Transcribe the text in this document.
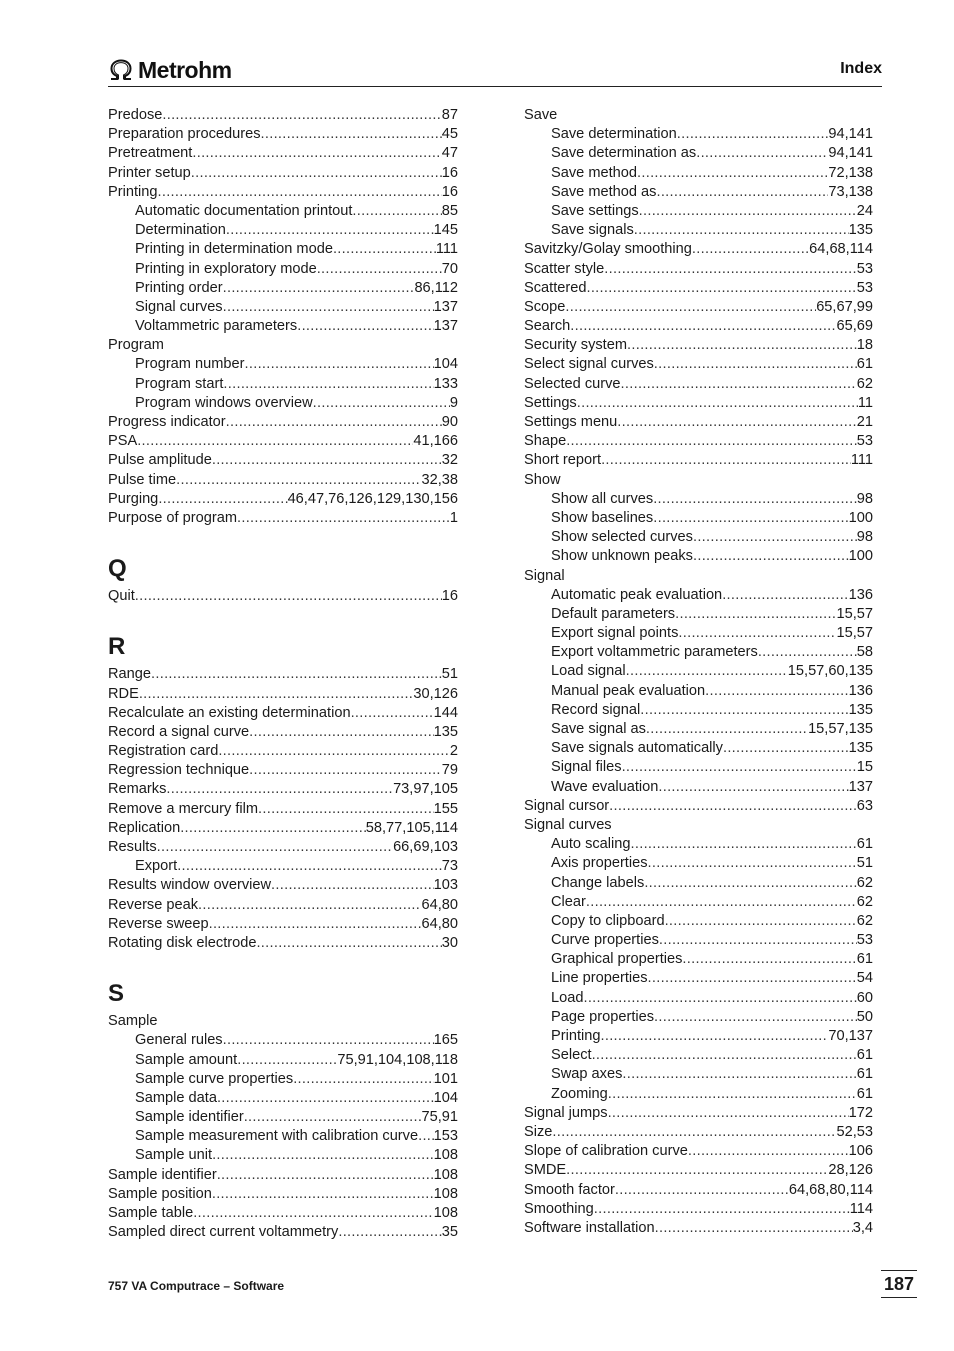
Metrohm	Index
Predose .....	87
Preparation procedures .....	45
Pretreatment .....	47
Printer setup .....	16
Printing .....	16
Automatic documentation printout .....	85
Determination .....	145
Printing in determination mode .....	111
Printing in exploratory mode .....	70
Printing order .....	86,112
Signal curves .....	137
Voltammetric parameters .....	137
Program
Program number .....	104
Program start .....	133
Program windows overview .....	9
Progress indicator .....	90
PSA .....	41,166
Pulse amplitude .....	32
Pulse time .....	32,38
Purging .....	46,47,76,126,129,130,156
Purpose of program .....	1
Q
Quit .....	16
R
Range .....	51
RDE .....	30,126
Recalculate an existing determination .....	144
Record a signal curve .....	135
Registration card .....	2
Regression technique .....	79
Remarks .....	73,97,105
Remove a mercury film .....	155
Replication .....	58,77,105,114
Results .....	66,69,103
Export .....	73
Results window overview .....	103
Reverse peak .....	64,80
Reverse sweep .....	64,80
Rotating disk electrode .....	30
S
Sample
General rules .....	165
Sample amount .....	75,91,104,108,118
Sample curve properties .....	101
Sample data .....	104
Sample identifier .....	75,91
Sample measurement with calibration curve ..... 153
Sample unit .....	108
Sample identifier .....	108
Sample position .....	108
Sample table .....	108
Sampled direct current voltammetry .....	35
Save
Save determination .....	94,141
Save determination as .....	94,141
Save method .....	72,138
Save method as .....	73,138
Save settings .....	24
Save signals .....	135
Savitzky/Golay smoothing .....	64,68,114
Scatter style .....	53
Scattered .....	53
Scope .....	65,67,99
Search .....	65,69
Security system .....	18
Select signal curves .....	61
Selected curve .....	62
Settings .....	11
Settings menu .....	21
Shape .....	53
Short report .....	111
Show
Show all curves .....	98
Show baselines .....	100
Show selected curves .....	98
Show unknown peaks .....	100
Signal
Automatic peak evaluation .....	136
Default parameters .....	15,57
Export signal points .....	15,57
Export voltammetric parameters .....	58
Load signal .....	15,57,60,135
Manual peak evaluation .....	136
Record signal .....	135
Save signal as .....	15,57,135
Save signals automatically .....	135
Signal files .....	15
Wave evaluation .....	137
Signal cursor .....	63
Signal curves
Auto scaling .....	61
Axis properties .....	51
Change labels .....	62
Clear .....	62
Copy to clipboard .....	62
Curve properties .....	53
Graphical properties .....	61
Line properties .....	54
Load .....	60
Page properties .....	50
Printing .....	70,137
Select .....	61
Swap axes .....	61
Zooming .....	61
Signal jumps .....	172
Size .....	52,53
Slope of calibration curve .....	106
SMDE .....	28,126
Smooth factor .....	64,68,80,114
Smoothing .....	114
Software installation .....	3,4
757 VA Computrace – Software	187
